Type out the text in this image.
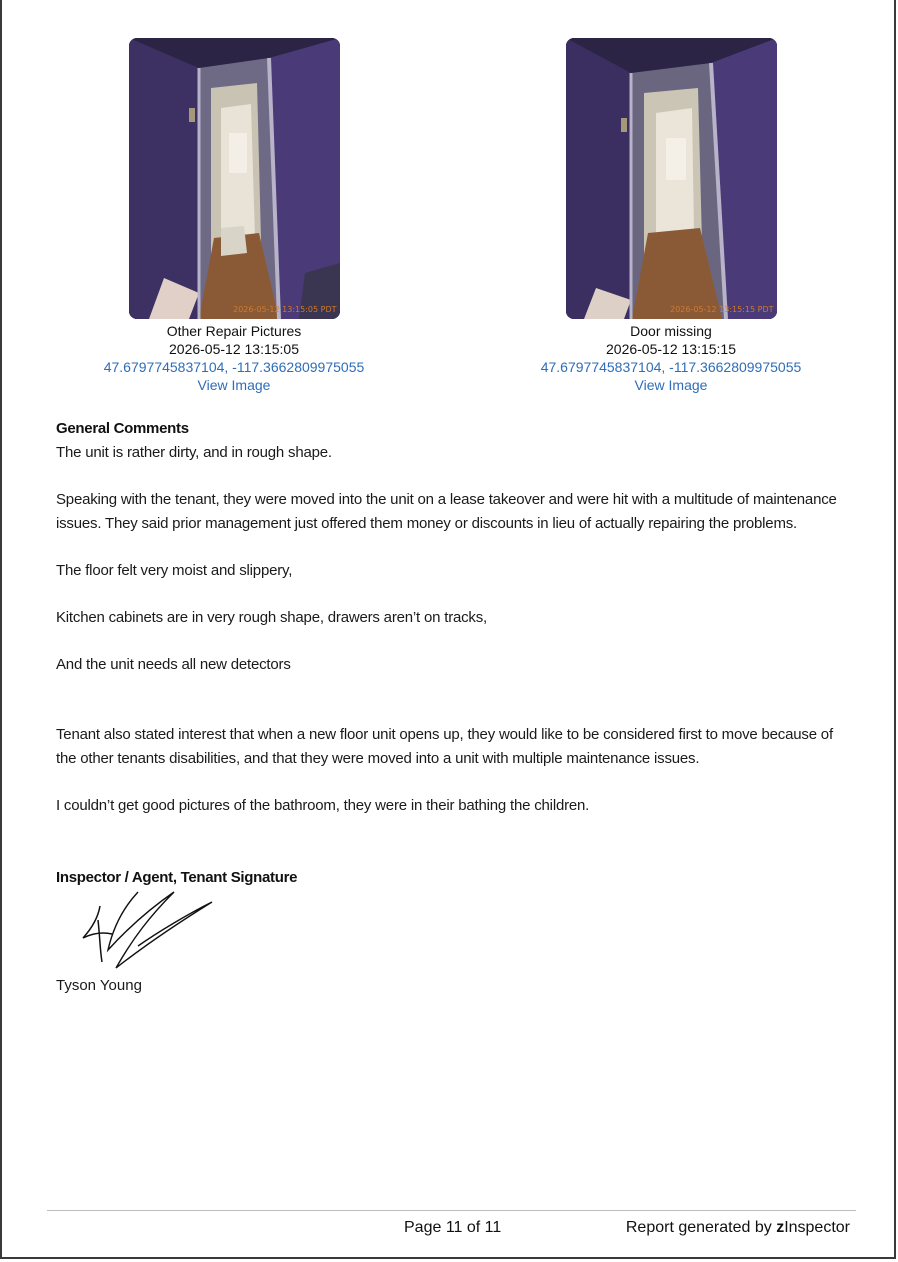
2026-05-12 13:15:05 PDT
Other Repair Pictures
2026-05-12 13:15:05
47.6797745837104, -117.3662809975055
View Image
2026-05-12 13:15:15 PDT
Door missing
2026-05-12 13:15:15
47.6797745837104, -117.3662809975055
View Image
General Comments

The unit is rather dirty, and in rough shape.

Speaking with the tenant, they were moved into the unit on a lease takeover and were hit with a multitude of maintenance issues. They said prior management just offered them money or discounts in lieu of actually repairing the problems.

The floor felt very moist and slippery,

Kitchen cabinets are in very rough shape, drawers aren’t on tracks,

And the unit needs all new detectors

Tenant also stated interest that when a new floor unit opens up, they would like to be considered first to move because of the other tenants disabilities, and that they were moved into a unit with multiple maintenance issues.

I couldn’t get good pictures of the bathroom, they were in their bathing the children.

Inspector / Agent, Tenant Signature
Tyson Young
Page 11 of 11	Report generated by zInspector
